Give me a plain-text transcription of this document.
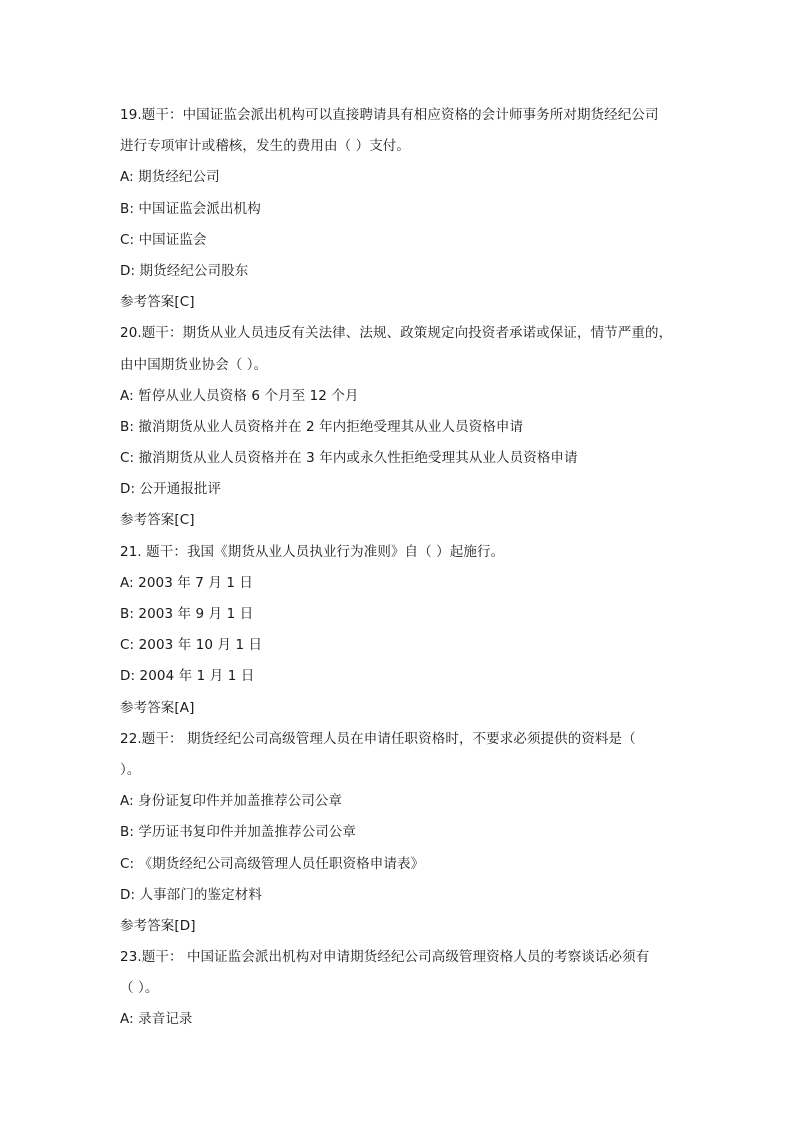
19.题干：中国证监会派出机构可以直接聘请具有相应资格的会计师事务所对期货经纪公司
进行专项审计或稽核，发生的费用由（ ）支付。
A: 期货经纪公司
B: 中国证监会派出机构
C: 中国证监会
D: 期货经纪公司股东
参考答案[C]
20.题干：期货从业人员违反有关法律、法规、政策规定向投资者承诺或保证，情节严重的，
由中国期货业协会（ ）。
A: 暂停从业人员资格 6 个月至 12 个月
B: 撤消期货从业人员资格并在 2 年内拒绝受理其从业人员资格申请
C: 撤消期货从业人员资格并在 3 年内或永久性拒绝受理其从业人员资格申请
D: 公开通报批评
参考答案[C]
21. 题干：我国《期货从业人员执业行为准则》自（ ）起施行。
A: 2003 年 7 月 1 日
B: 2003 年 9 月 1 日
C: 2003 年 10 月 1 日
D: 2004 年 1 月 1 日
参考答案[A]
22.题干： 期货经纪公司高级管理人员在申请任职资格时，不要求必须提供的资料是（
）。
A: 身份证复印件并加盖推荐公司公章
B: 学历证书复印件并加盖推荐公司公章
C: 《期货经纪公司高级管理人员任职资格申请表》
D: 人事部门的鉴定材料
参考答案[D]
23.题干： 中国证监会派出机构对申请期货经纪公司高级管理资格人员的考察谈话必须有
（ ）。
A: 录音记录
